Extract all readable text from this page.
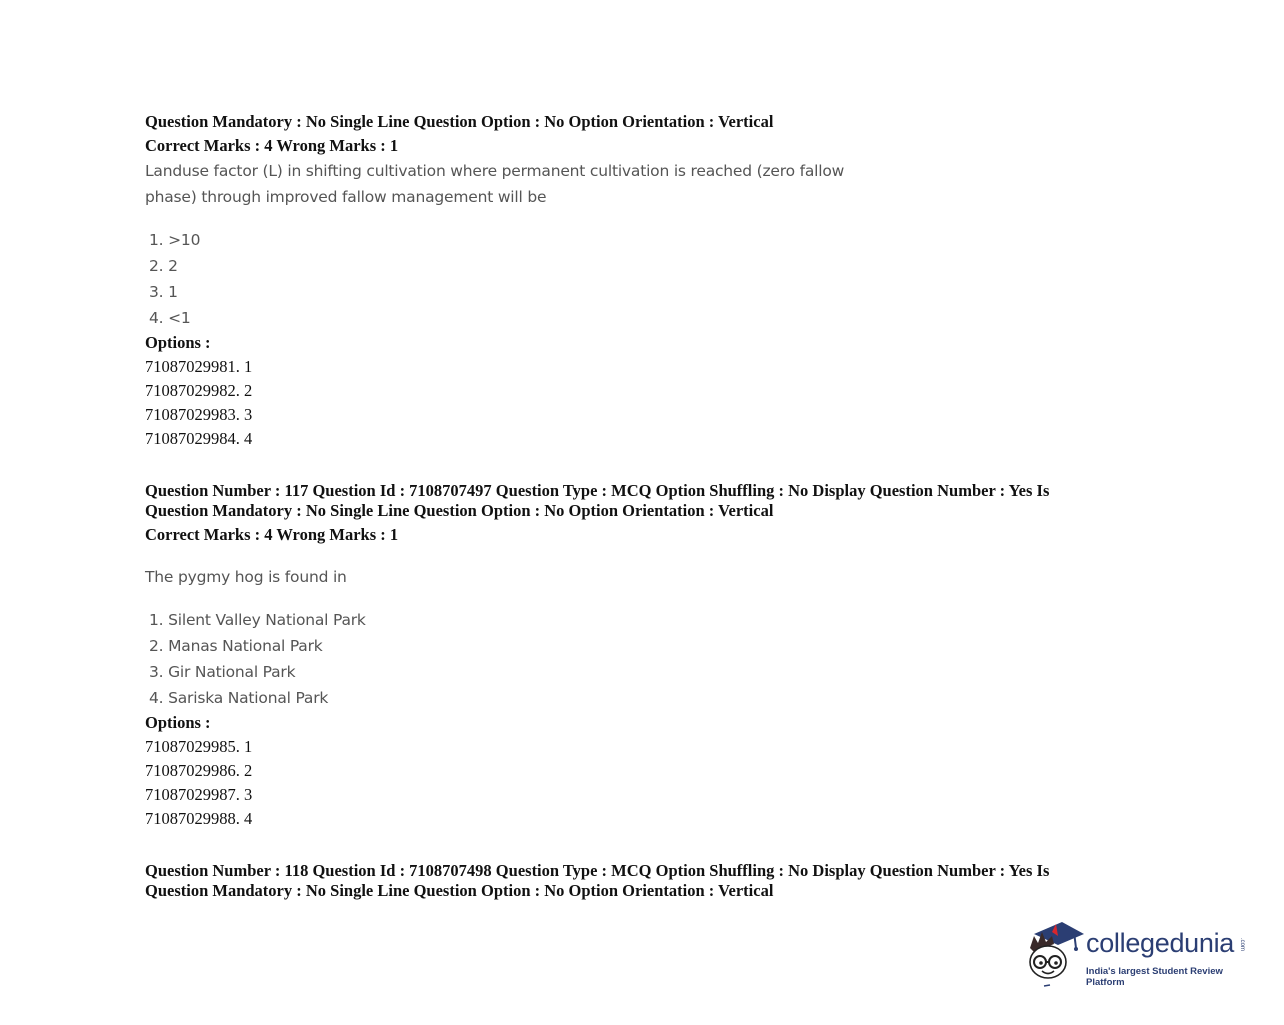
Question Mandatory : No Single Line Question Option : No Option Orientation : Vertical
Correct Marks : 4 Wrong Marks : 1
Landuse factor (L) in shifting cultivation where permanent cultivation is reached (zero fallow
phase) through improved fallow management will be
1. >10
2. 2
3. 1
4. <1
Options :
71087029981. 1
71087029982. 2
71087029983. 3
71087029984. 4
Question Number : 117 Question Id : 7108707497 Question Type : MCQ Option Shuffling : No Display Question Number : Yes Is
Question Mandatory : No Single Line Question Option : No Option Orientation : Vertical
Correct Marks : 4 Wrong Marks : 1
The pygmy hog is found in
1. Silent Valley National Park
2. Manas National Park
3. Gir National Park
4. Sariska National Park
Options :
71087029985. 1
71087029986. 2
71087029987. 3
71087029988. 4
Question Number : 118 Question Id : 7108707498 Question Type : MCQ Option Shuffling : No Display Question Number : Yes Is
Question Mandatory : No Single Line Question Option : No Option Orientation : Vertical
collegedunia .com
India's largest Student Review Platform
